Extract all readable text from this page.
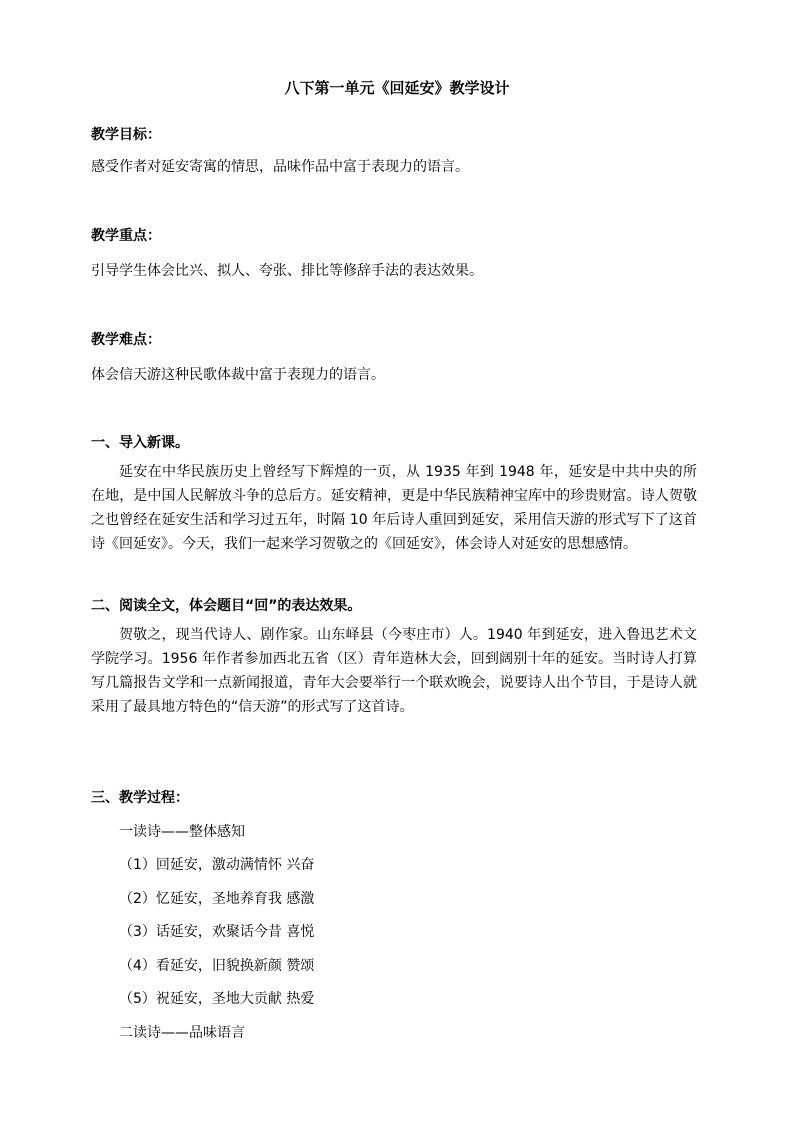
八下第一单元《回延安》教学设计

教学目标：

感受作者对延安寄寓的情思，品味作品中富于表现力的语言。

教学重点：

引导学生体会比兴、拟人、夸张、排比等修辞手法的表达效果。

教学难点：

体会信天游这种民歌体裁中富于表现力的语言。

一、导入新课。

延安在中华民族历史上曾经写下辉煌的一页，从 1935 年到 1948 年，延安是中共中央的所在地，是中国人民解放斗争的总后方。延安精神，更是中华民族精神宝库中的珍贵财富。诗人贺敬之也曾经在延安生活和学习过五年，时隔 10 年后诗人重回到延安，采用信天游的形式写下了这首诗《回延安》。今天，我们一起来学习贺敬之的《回延安》，体会诗人对延安的思想感情。

二、阅读全文，体会题目“回”的表达效果。

贺敬之，现当代诗人、剧作家。山东峄县（今枣庄市）人。1940 年到延安，进入鲁迅艺术文学院学习。1956 年作者参加西北五省（区）青年造林大会，回到阔别十年的延安。当时诗人打算写几篇报告文学和一点新闻报道，青年大会要举行一个联欢晚会，说要诗人出个节目，于是诗人就采用了最具地方特色的“信天游”的形式写了这首诗。

三、教学过程：

一读诗——整体感知

（1）回延安，激动满情怀 兴奋

（2）忆延安，圣地养育我 感激

（3）话延安，欢聚话今昔 喜悦

（4）看延安，旧貌换新颜 赞颂

（5）祝延安，圣地大贡献 热爱

二读诗——品味语言
